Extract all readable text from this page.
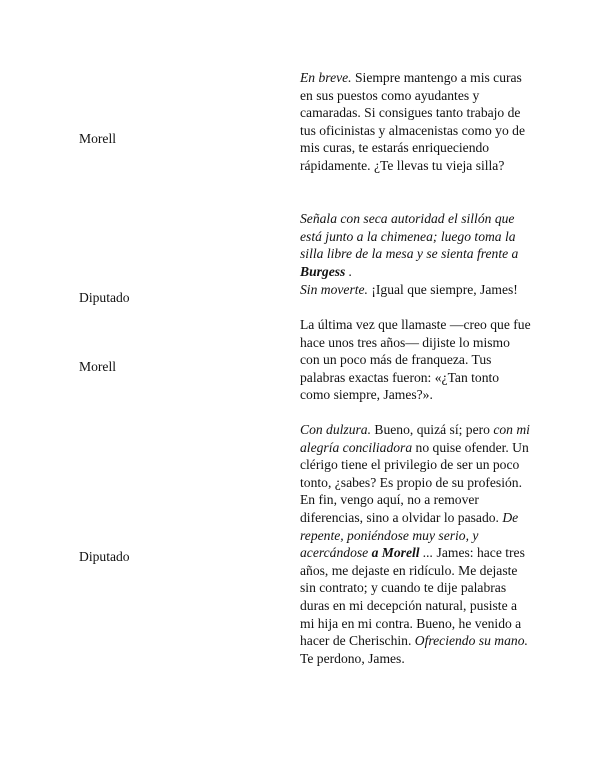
Morell
En breve. Siempre mantengo a mis curas en sus puestos como ayudantes y camaradas. Si consigues tanto trabajo de tus oficinistas y almacenistas como yo de mis curas, te estarás enriqueciendo rápidamente. ¿Te llevas tu vieja silla?
Señala con seca autoridad el sillón que está junto a la chimenea; luego toma la silla libre de la mesa y se sienta frente a Burgess .
Diputado
Sin moverte. ¡Igual que siempre, James!
Morell
La última vez que llamaste —creo que fue hace unos tres años— dijiste lo mismo con un poco más de franqueza. Tus palabras exactas fueron: «¿Tan tonto como siempre, James?».
Diputado
Con dulzura. Bueno, quizá sí; pero con mi alegría conciliadora no quise ofender. Un clérigo tiene el privilegio de ser un poco tonto, ¿sabes? Es propio de su profesión. En fin, vengo aquí, no a remover diferencias, sino a olvidar lo pasado. De repente, poniéndose muy serio, y acercándose a Morell ... James: hace tres años, me dejaste en ridículo. Me dejaste sin contrato; y cuando te dije palabras duras en mi decepción natural, pusiste a mi hija en mi contra. Bueno, he venido a hacer de Cherischin. Ofreciendo su mano. Te perdono, James.
